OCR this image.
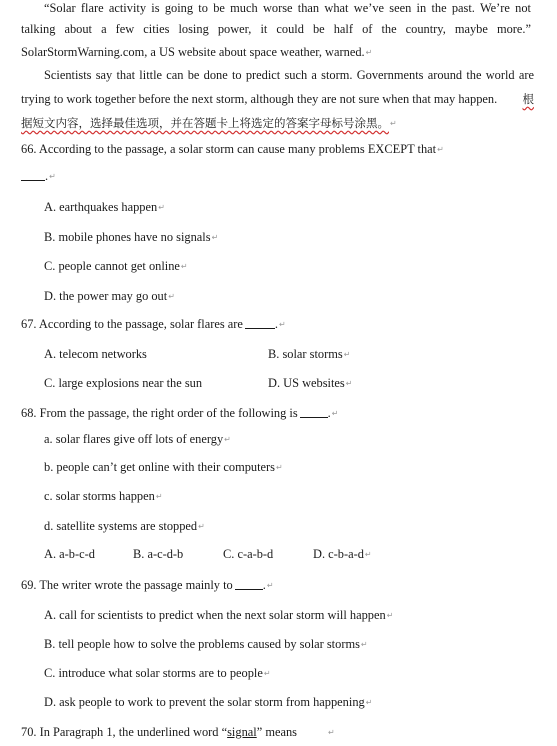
“Solar flare activity is going to be much worse than what we’ve seen in the past. We’re not
talking about a few cities losing power, it could be half of the country, maybe more.”
SolarStormWarning.com, a US website about space weather, warned.↵
Scientists say that little can be done to predict such a storm. Governments around the world are
trying to work together before the next storm, although they are not sure when that may happen. 根
据短文内容，选择最佳选项，并在答题卡上将选定的答案字母标号涂黑。↵
66. According to the passage, a solar storm can cause many problems EXCEPT that↵
.↵
A. earthquakes happen↵
B. mobile phones have no signals↵
C. people cannot get online↵
D. the power may go out↵
67. According to the passage, solar flares are	.↵
A. telecom networks	B. solar storms↵
C. large explosions near the sun	D. US websites↵
68. From the passage, the right order of the following is .↵
a. solar flares give off lots of energy↵
b. people can’t get online with their computers↵
c. solar storms happen↵
d. satellite systems are stopped↵
A. a-b-c-d	B. a-c-d-b	C. c-a-b-d	D. c-b-a-d↵
69. The writer wrote the passage mainly to .↵
A. call for scientists to predict when the next solar storm will happen↵
B. tell people how to solve the problems caused by solar storms↵
C. introduce what solar storms are to people↵
D. ask people to work to prevent the solar storm from happening↵
70. In Paragraph 1, the underlined word “signal” means	↵
